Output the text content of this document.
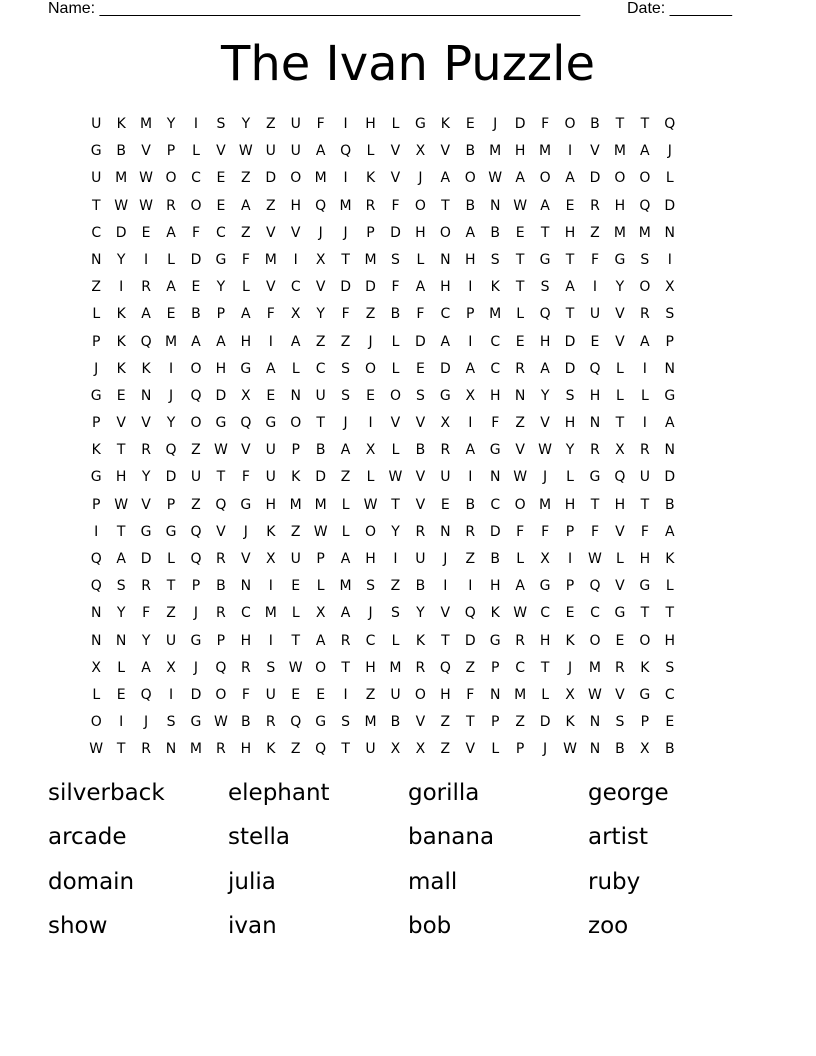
Name: ______________________________________________________	Date: _______
The Ivan Puzzle
U	K M	Y	I	S	Y	Z	U	F	I	H	L	G	K	E	J	D	F	O	B	T	T	Q
G	B	V	P	L	V W U	U	A	Q	L	V	X	V	B M H M	I	V M A	J
U M W O	C	E	Z	D O M	I	K	V	J	A	O W A	O	A	D O O	L
T W W R	O	E	A	Z	H Q M R	F	O	T	B	N W A	E	R	H Q D
C	D	E	A	F	C	Z	V	V	J	J	P	D H O	A	B	E	T	H	Z M M N
N	Y	I	L	D G	F	M	I	X	T	M S	L	N H	S	T	G	T	F	G	S	I
Z	I	R	A	E	Y	L	V	C	V	D D	F	A	H	I	K	T	S	A	I	Y	O	X
L	K	A	E	B	P	A	F	X	Y	F	Z	B	F	C	P	M	L	Q	T	U	V	R	S
P	K	Q M A	A	H	I	A	Z	Z	J	L	D	A	I	C	E	H D	E	V	A	P
J	K	K	I	O H G	A	L	C	S	O	L	E	D	A	C	R	A	D Q	L	I	N
G	E	N	J	Q D	X	E	N	U	S	E	O	S	G	X	H N	Y	S	H	L	L	G
P	V	V	Y	O G Q G O	T	J	I	V	V	X	I	F	Z	V	H N	T	I	A
K	T	R	Q	Z W V	U	P	B	A	X	L	B	R	A	G	V W Y	R	X	R	N
G H	Y	D U	T	F	U	K	D	Z	L W V	U	I	N W	J	L	G Q U D
P W V	P	Z	Q G H M M	L W T	V	E	B	C	O M H	T	H	T	B
I	T	G G Q	V	J	K	Z W L	O	Y	R	N	R	D	F	F	P	F	V	F	A
Q	A	D	L	Q	R	V	X	U	P	A	H	I	U	J	Z	B	L	X	I	W L	H	K
Q	S	R	T	P	B	N	I	E	L	M S	Z	B	I	I	H	A	G	P	Q	V	G	L
N	Y	F	Z	J	R	C M	L	X	A	J	S	Y	V	Q	K W C	E	C	G	T	T
N N	Y	U G	P	H	I	T	A	R	C	L	K	T	D G	R	H	K	O	E	O H
X	L	A	X	J	Q	R	S W O	T	H M R	Q	Z	P	C	T	J	M R	K	S
L	E	Q	I	D O	F	U	E	E	I	Z	U O H	F	N M	L	X W V	G	C
O	I	J	S	G W B	R	Q G	S M B	V	Z	T	P	Z	D	K	N	S	P	E
W T	R	N M R	H	K	Z	Q	T	U	X	X	Z	V	L	P	J	W N	B	X	B
silverback	elephant	gorilla	george
arcade	stella	banana	artist
domain	julia	mall	ruby
show	ivan	bob	zoo
